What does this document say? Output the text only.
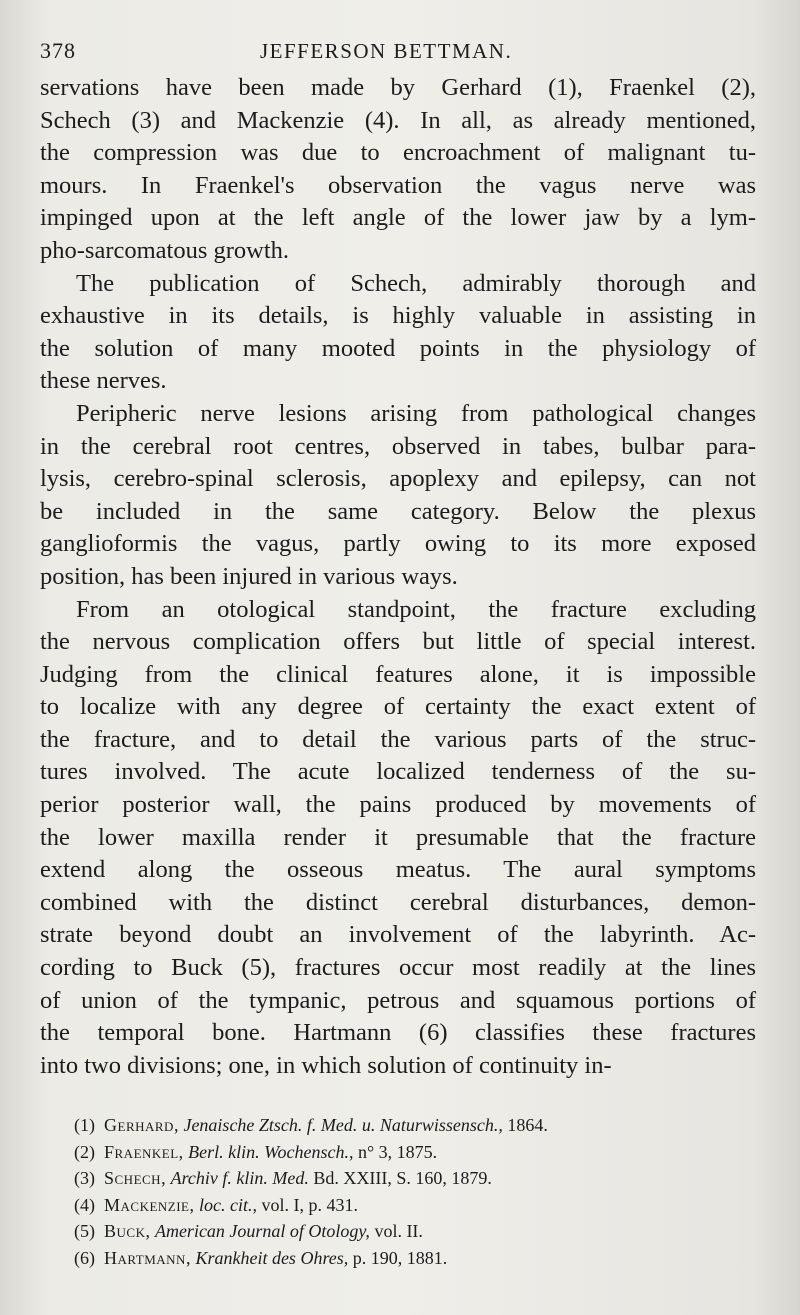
378	JEFFERSON BETTMAN.

servations have been made by Gerhard (1), Fraenkel (2),
Schech (3) and Mackenzie (4). In all, as already mentioned,
the compression was due to encroachment of malignant tu-
mours. In Fraenkel's observation the vagus nerve was
impinged upon at the left angle of the lower jaw by a lym-
pho-sarcomatous growth.

The publication of Schech, admirably thorough and
exhaustive in its details, is highly valuable in assisting in
the solution of many mooted points in the physiology of
these nerves.

Peripheric nerve lesions arising from pathological changes
in the cerebral root centres, observed in tabes, bulbar para-
lysis, cerebro-spinal sclerosis, apoplexy and epilepsy, can not
be included in the same category. Below the plexus
ganglioformis the vagus, partly owing to its more exposed
position, has been injured in various ways.

From an otological standpoint, the fracture excluding
the nervous complication offers but little of special interest.
Judging from the clinical features alone, it is impossible
to localize with any degree of certainty the exact extent of
the fracture, and to detail the various parts of the struc-
tures involved. The acute localized tenderness of the su-
perior posterior wall, the pains produced by movements of
the lower maxilla render it presumable that the fracture
extend along the osseous meatus. The aural symptoms
combined with the distinct cerebral disturbances, demon-
strate beyond doubt an involvement of the labyrinth. Ac-
cording to Buck (5), fractures occur most readily at the lines
of union of the tympanic, petrous and squamous portions of
the temporal bone. Hartmann (6) classifies these fractures
into two divisions; one, in which solution of continuity in-

(1) Gerhard, Jenaische Ztsch. f. Med. u. Naturwissensch., 1864.
(2) Fraenkel, Berl. klin. Wochensch., n° 3, 1875.
(3) Schech, Archiv f. klin. Med. Bd. XXIII, S. 160, 1879.
(4) Mackenzie, loc. cit., vol. I, p. 431.
(5) Buck, American Journal of Otology, vol. II.
(6) Hartmann, Krankheit des Ohres, p. 190, 1881.
